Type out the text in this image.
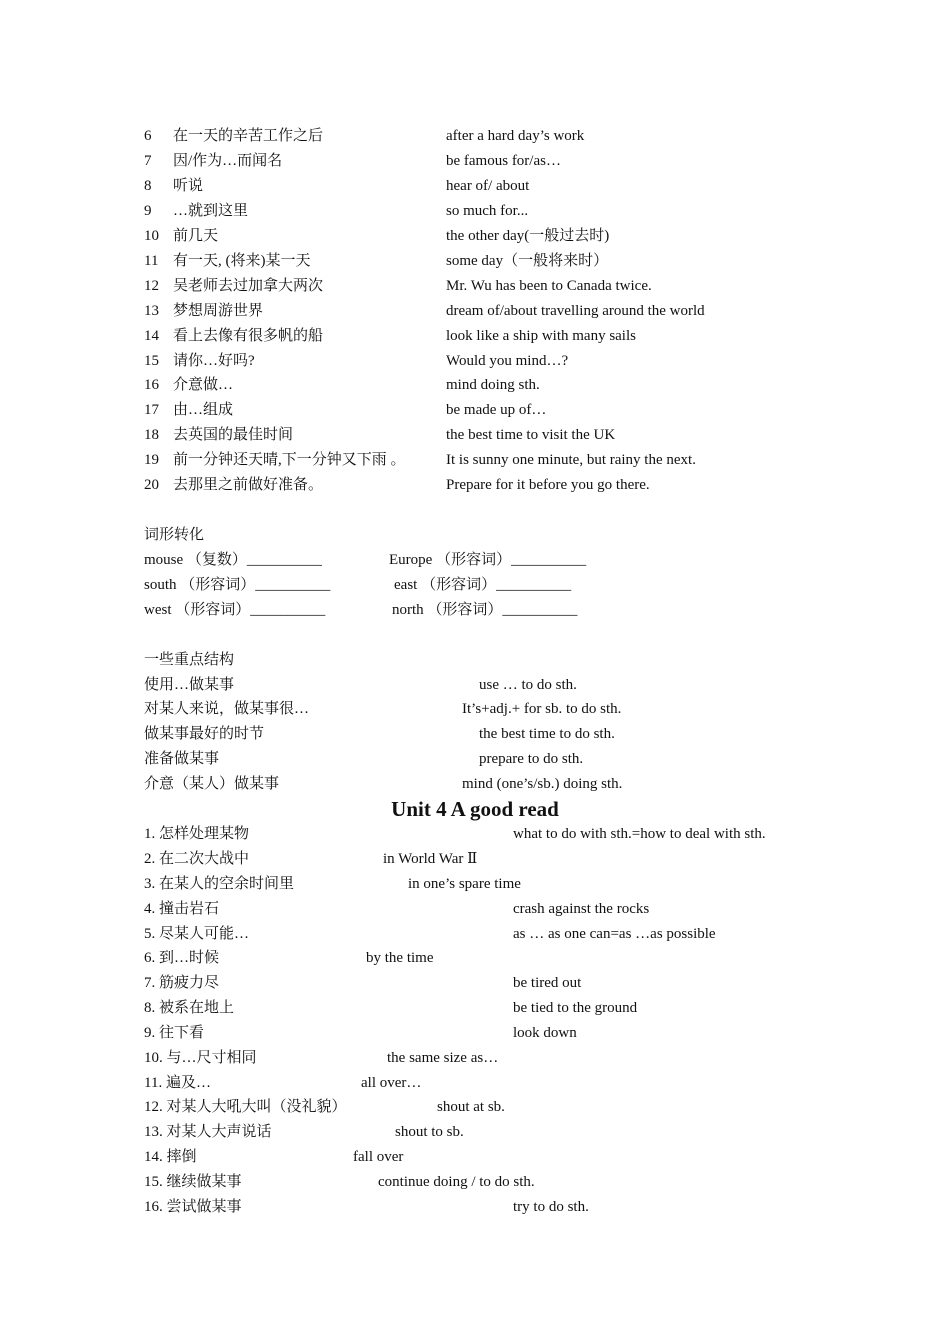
6 在一天的辛苦工作之后	after a hard day’s work
7 因/作为…而闻名	be famous for/as…
8 听说	hear of/ about
9 …就到这里	so much for...
10 前几天	the other day(一般过去时)
11 有一天, (将来)某一天	some day（一般将来时）
12 吴老师去过加拿大两次	Mr. Wu has been to Canada twice.
13 梦想周游世界	dream of/about travelling around the world
14 看上去像有很多帆的船	look like a ship with many sails
15 请你…好吗?	Would you mind…?
16 介意做…	mind doing sth.
17 由…组成	be made up of…
18 去英国的最佳时间	the best time to visit the UK
19 前一分钟还天晴,下一分钟又下雨 。	It is sunny one minute, but rainy the next.
20 去那里之前做好准备。	Prepare for it before you go there.
词形转化
mouse （复数）__________	Europe （形容词）__________
south （形容词）__________	east （形容词）__________
west （形容词）__________	north （形容词）__________
一些重点结构
使用…做某事	use … to do sth.
对某人来说，做某事很…	It’s+adj.+ for sb. to do sth.
做某事最好的时节	the best time to do sth.
准备做某事	prepare to do sth.
介意（某人）做某事	mind (one’s/sb.) doing sth.
Unit 4 A good read
1. 怎样处理某物	what to do with sth.=how to deal with sth.
2. 在二次大战中	in World War Ⅱ
3. 在某人的空余时间里	in one’s spare time
4. 撞击岩石	crash against the rocks
5. 尽某人可能…	as … as one can=as …as possible
6. 到…时候	by the time
7. 筋疲力尽	be tired out
8. 被系在地上	be tied to the ground
9. 往下看	look down
10. 与…尺寸相同	the same size as…
11. 遍及…	all over…
12. 对某人大吼大叫（没礼貌）	shout at sb.
13. 对某人大声说话	shout to sb.
14. 摔倒	fall over
15. 继续做某事	continue doing / to do sth.
16. 尝试做某事	try to do sth.
